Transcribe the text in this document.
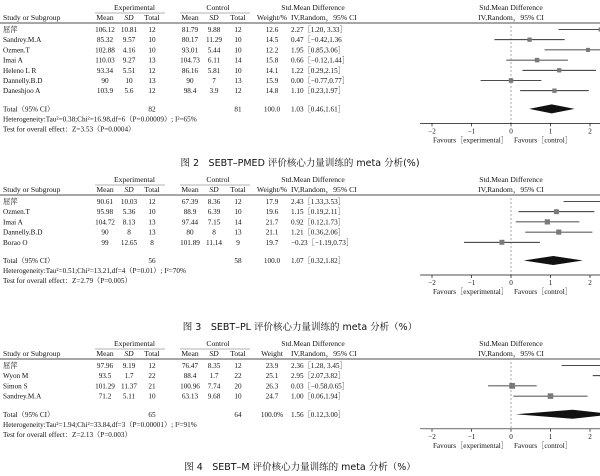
Experimental	Control	Std.Mean Difference
Std.Mean Difference
Study or Subgroup	Mean SD Total	Mean SD Total Weight/% IV,Random，95% CI	IV,Random，95% CI
屈萍	106.12 10.81 12	81.79 9.88 12	12.6 2.27［1.20, 3.33］
Sandrey.M.A	85.32 9.57 10	80.17 11.29 10	14.5 0.47［−0.42,1.36
Ozmen.T	102.88 4.16 10	93.01 5.44 10	12.2 1.95［0.85,3.06］
Imai A	110.03 9.27 13	104.73 6.11 14	15.8 0.66［−0.12,1.44］
Heleno L R	93.34 5.51 12	86.16 5.81 10	14.1 1.22［0.29,2.15］
Dannelly.B.D	90 10 13	90	7	13	15.9 0.00［−0.77,0.77］
Daneshjoo A	103.9 5.6 12	98.4 3.9 12	14.8 1.10［0.23,1.97］
Total（95% CI）	82	81	100.0 1.03［0.46,1.61］
Heterogeneity:Tau²=0.38;Chi²=16.98,df=6（P=0.00009）; I²=65%
Test for overall effect：Z=3.53（P=0.0004）	−2	−1	0	1	2
Favours［experimental］ Favours［control］
图 2　SEBT–PMED 评价核心力量训练的 meta 分析(%)
Experimental	Control	Std.Mean Difference
Std.Mean Difference
Study or Subgroup	Mean SD Total	Mean SD Total Weight/% IV,Random，95% CI	IV,Random，95% CI
屈萍	90.61 10.03 12	67.39 8.36 12	17.9 2.43［1.33,3.53］
Ozmen.T	95.98 5.36 10	88.9 6.39 10	19.6 1.15［0.19,2.11］
Imai A	104.72 8.13 13	97.44 7.15 14	21.7 0.92［0.12,1.73］
Dannelly.B.D	90	8 13	80	8	13	21.1 1.21［0.36,2.06］
Borao O	99 12.65 8	101.89 11.14 9	19.7 −0.23［−1.19,0.73］
Total（95% CI）	56	58	100.0 1.07［0.32,1.82］
Heterogeneity:Tau²=0.51;Chi²=13.21,df=4（P=0.01）; I²=70%
Test for overall effect：Z=2.79（P=0.005）	−2	−1	0	1	2
Favours［experimental］ Favours［control］
图 3　SEBT–PL 评价核心力量训练的 meta 分析（%）
Experimental	Control	Std.Mean Difference
Std.Mean Difference
Study or Subgroup	Mean SD Total	Mean SD Total Weight IV,Random，95% CI	IV,Random，95% CI
屈萍	97.96 9.19 12	76.47 8.35 12	23.9 2.36［1.28, 3.45］
Wyon M	93.5 1.7 22	88.4 1.7 22	25.1 2.95［2.07,3.82］
Simon S	101.29 11.37 21	100.96 7.74 20	26.3 0.03［−0.58,0.65］
Sandrey.M.A	71.2 5.11 10	63.13 9.68 10	24.7 1.00［0.06,1.94］
Total（95% CI）	65	64	100.0% 1.56［0.12,3.00］
Heterogeneity:Tau²=1.94;Chi²=33.84,df=3（P=0.00001）; I²=91%
Test for overall effect：Z=2.13（P=0.003）	−2	−1	0	1	2
Favours［experimental］ Favours［control］
图 4　SEBT–M 评价核心力量训练的 meta 分析（%）
